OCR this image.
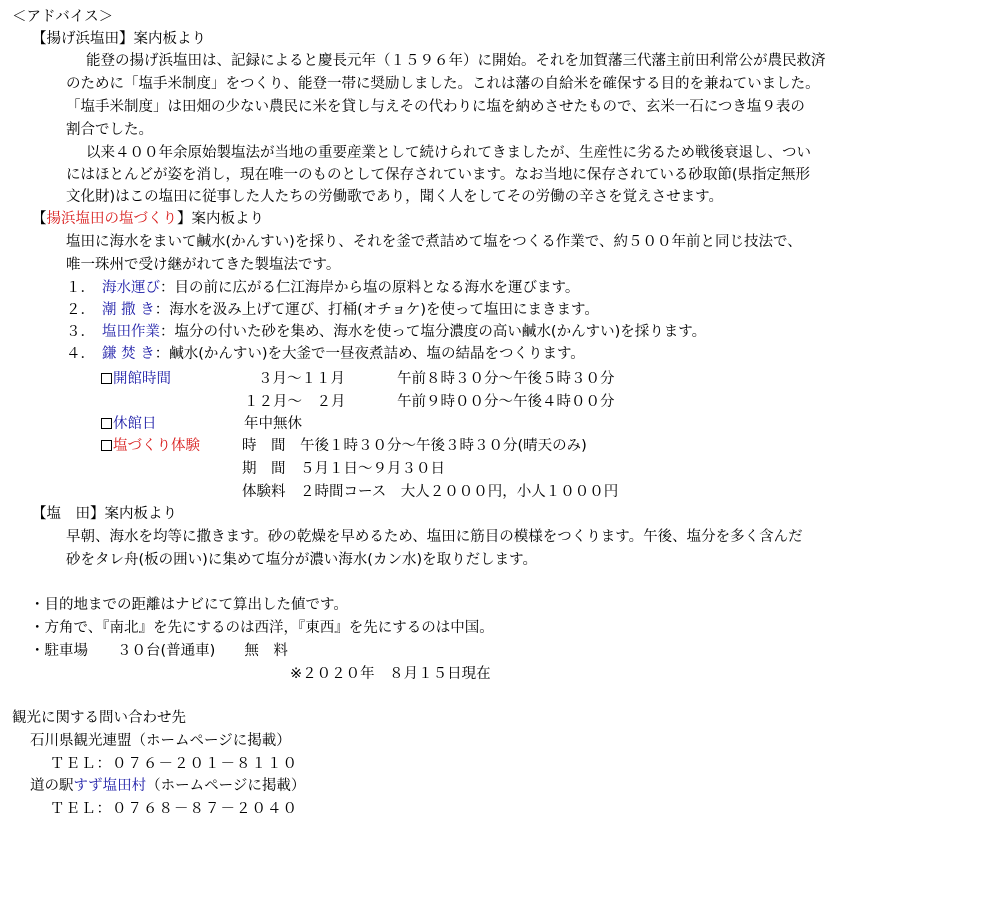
＜アドバイス＞
【揚げ浜塩田】案内板より
能登の揚げ浜塩田は、記録によると慶長元年（１５９６年）に開始。それを加賀藩三代藩主前田利常公が農民救済
のために「塩手米制度」をつくり、能登一帯に奨励しました。これは藩の自給米を確保する目的を兼ねていました。
「塩手米制度」は田畑の少ない農民に米を貸し与えその代わりに塩を納めさせたもので、玄米一石につき塩９表の
割合でした。
以来４００年余原始製塩法が当地の重要産業として続けられてきましたが、生産性に劣るため戦後衰退し、つい
にはほとんどが姿を消し，現在唯一のものとして保存されています。なお当地に保存されている砂取節(県指定無形
文化財)はこの塩田に従事した人たちの労働歌であり，聞く人をしてその労働の辛さを覚えさせます。
【揚浜塩田の塩づくり】案内板より
塩田に海水をまいて鹹水(かんすい)を採り、それを釜で煮詰めて塩をつくる作業で、約５００年前と同じ技法で、
唯一珠州で受け継がれてきた製塩法です。
１． 海水運び：目の前に広がる仁江海岸から塩の原料となる海水を運びます。
２． 潮 撒 き：海水を汲み上げて運び、打桶(オチョケ)を使って塩田にまきます。
３． 塩田作業：塩分の付いた砂を集め、海水を使って塩分濃度の高い鹹水(かんすい)を採ります。
４． 鎌 焚 き：鹹水(かんすい)を大釜で一昼夜煮詰め、塩の結晶をつくります。
開館時間	３月～１１月	午前８時３０分～午後５時３０分
１２月～　２月	午前９時００分～午後４時００分
休館日	年中無休
塩づくり体験	時　間　午後１時３０分～午後３時３０分(晴天のみ)
期　間　５月１日～９月３０日
体験料　２時間コース　大人２０００円，小人１０００円
【塩　田】案内板より
早朝、海水を均等に撒きます。砂の乾燥を早めるため、塩田に筋目の模様をつくります。午後、塩分を多く含んだ
砂をタレ舟(板の囲い)に集めて塩分が濃い海水(カン水)を取りだします。
・目的地までの距離はナビにて算出した値です。
・方角で、『南北』を先にするのは西洋，『東西』を先にするのは中国。
・駐車場　　３０台(普通車)　　無　料
※２０２０年　８月１５日現在
観光に関する問い合わせ先
石川県観光連盟（ホームページに掲載）
ＴＥＬ：０７６－２０１－８１１０
道の駅すず塩田村（ホームページに掲載）
ＴＥＬ：０７６８－８７－２０４０
